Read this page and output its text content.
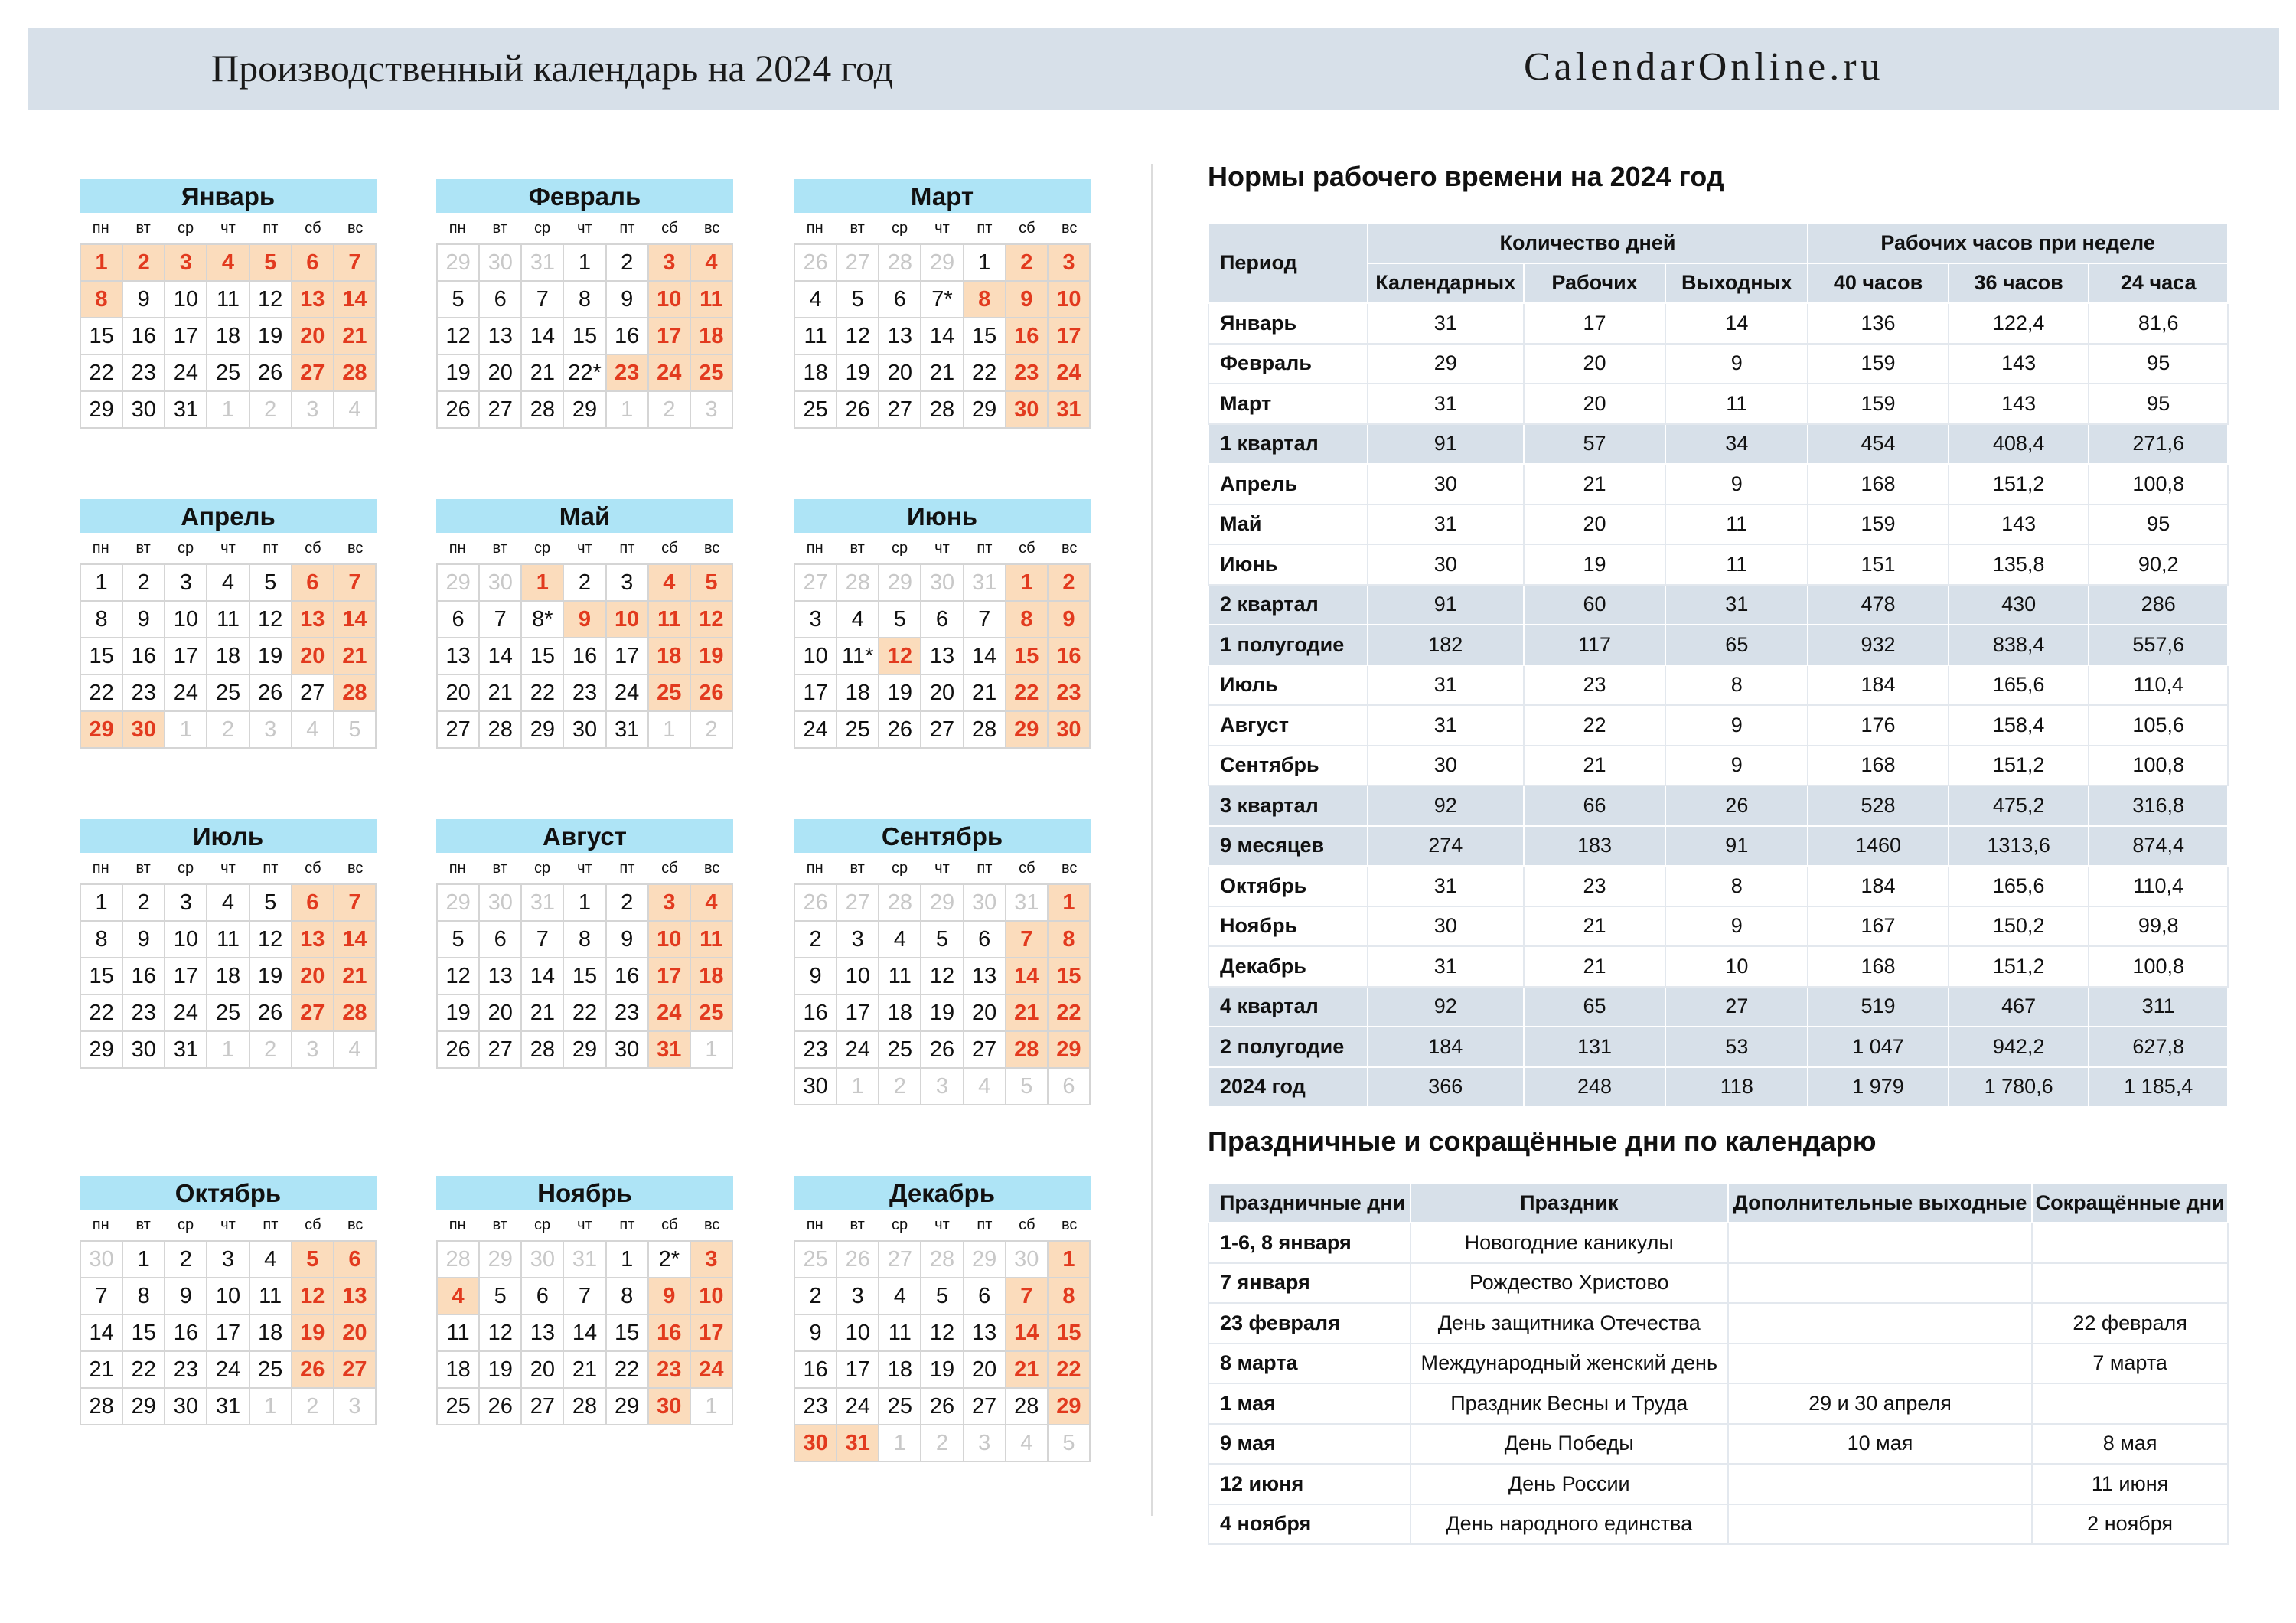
Производственный календарь на 2024 год	CalendarOnline.ru
Январь
пн	вт	ср	чт	пт	сб	вс
1	2	3	4	5	6	7
8	9	10 11 12 13 14
15 16 17 18 19 20 21
22 23 24 25 26 27 28
29 30 31	1	2	3	4
Февраль
пн	вт	ср	чт	пт	сб	вс
29 30 31	1	2	3	4
5	6	7	8	9	10 11
12 13 14 15 16 17 18
19 20 21 22* 23 24 25
26 27 28 29	1	2	3
Март
пн	вт	ср	чт	пт	сб	вс
26 27 28 29	1	2	3
4	5	6	7*	8	9	10
11 12 13 14 15 16 17
18 19 20 21 22 23 24
25 26 27 28 29 30 31
Апрель
пн	вт	ср	чт	пт	сб	вс
1	2	3	4	5	6	7
8	9	10 11 12 13 14
15 16 17 18 19 20 21
22 23 24 25 26 27 28
29 30	1	2	3	4	5
Май
пн	вт	ср	чт	пт	сб	вс
29 30	1	2	3	4	5
6	7	8*	9	10 11 12
13 14 15 16 17 18 19
20 21 22 23 24 25 26
27 28 29 30 31	1	2
Июнь
пн	вт	ср	чт	пт	сб	вс
27 28 29 30 31	1	2
3	4	5	6	7	8	9
10 11* 12 13 14 15 16
17 18 19 20 21 22 23
24 25 26 27 28 29 30
Июль
пн	вт	ср	чт	пт	сб	вс
1	2	3	4	5	6	7
8	9	10 11 12 13 14
15 16 17 18 19 20 21
22 23 24 25 26 27 28
29 30 31	1	2	3	4
Август
пн	вт	ср	чт	пт	сб	вс
29 30 31	1	2	3	4
5	6	7	8	9	10 11
12 13 14 15 16 17 18
19 20 21 22 23 24 25
26 27 28 29 30 31	1
Сентябрь
пн	вт	ср	чт	пт	сб	вс
26 27 28 29 30 31	1
2	3	4	5	6	7	8
9	10 11 12 13 14 15
16 17 18 19 20 21 22
23 24 25 26 27 28 29
30	1	2	3	4	5	6
Октябрь
пн	вт	ср	чт	пт	сб	вс
30	1	2	3	4	5	6
7	8	9	10 11 12 13
14 15 16 17 18 19 20
21 22 23 24 25 26 27
28 29 30 31	1	2	3
Ноябрь
пн	вт	ср	чт	пт	сб	вс
28 29 30 31	1	2*	3
4	5	6	7	8	9	10
11 12 13 14 15 16 17
18 19 20 21 22 23 24
25 26 27 28 29 30	1
Декабрь
пн	вт	ср	чт	пт	сб	вс
25 26 27 28 29 30	1
2	3	4	5	6	7	8
9	10 11 12 13 14 15
16 17 18 19 20 21 22
23 24 25 26 27 28 29
30 31	1	2	3	4	5
Нормы рабочего времени на 2024 год
Период	Количество дней			Рабочих часов при неделе		
	Календарных	Рабочих	Выходных	40 часов	36 часов	24 часа
Январь	31	17	14	136	122,4	81,6
Февраль	29	20	9	159	143	95
Март	31	20	11	159	143	95
1 квартал	91	57	34	454	408,4	271,6
Апрель	30	21	9	168	151,2	100,8
Май	31	20	11	159	143	95
Июнь	30	19	11	151	135,8	90,2
2 квартал	91	60	31	478	430	286
1 полугодие	182	117	65	932	838,4	557,6
Июль	31	23	8	184	165,6	110,4
Август	31	22	9	176	158,4	105,6
Сентябрь	30	21	9	168	151,2	100,8
3 квартал	92	66	26	528	475,2	316,8
9 месяцев	274	183	91	1460	1313,6	874,4
Октябрь	31	23	8	184	165,6	110,4
Ноябрь	30	21	9	167	150,2	99,8
Декабрь	31	21	10	168	151,2	100,8
4 квартал	92	65	27	519	467	311
2 полугодие	184	131	53	1 047	942,2	627,8
2024 год	366	248	118	1 979	1 780,6	1 185,4
Праздничные и сокращённые дни по календарю
Праздничные дни	Праздник	Дополнительные выходные	Сокращённые дни
1-6, 8 января	Новогодние каникулы		
7 января	Рождество Христово		
23 февраля	День защитника Отечества		22 февраля
8 марта	Международный женский день		7 марта
1 мая	Праздник Весны и Труда	29 и 30 апреля	
9 мая	День Победы	10 мая	8 мая
12 июня	День России		11 июня
4 ноября	День народного единства		2 ноября
